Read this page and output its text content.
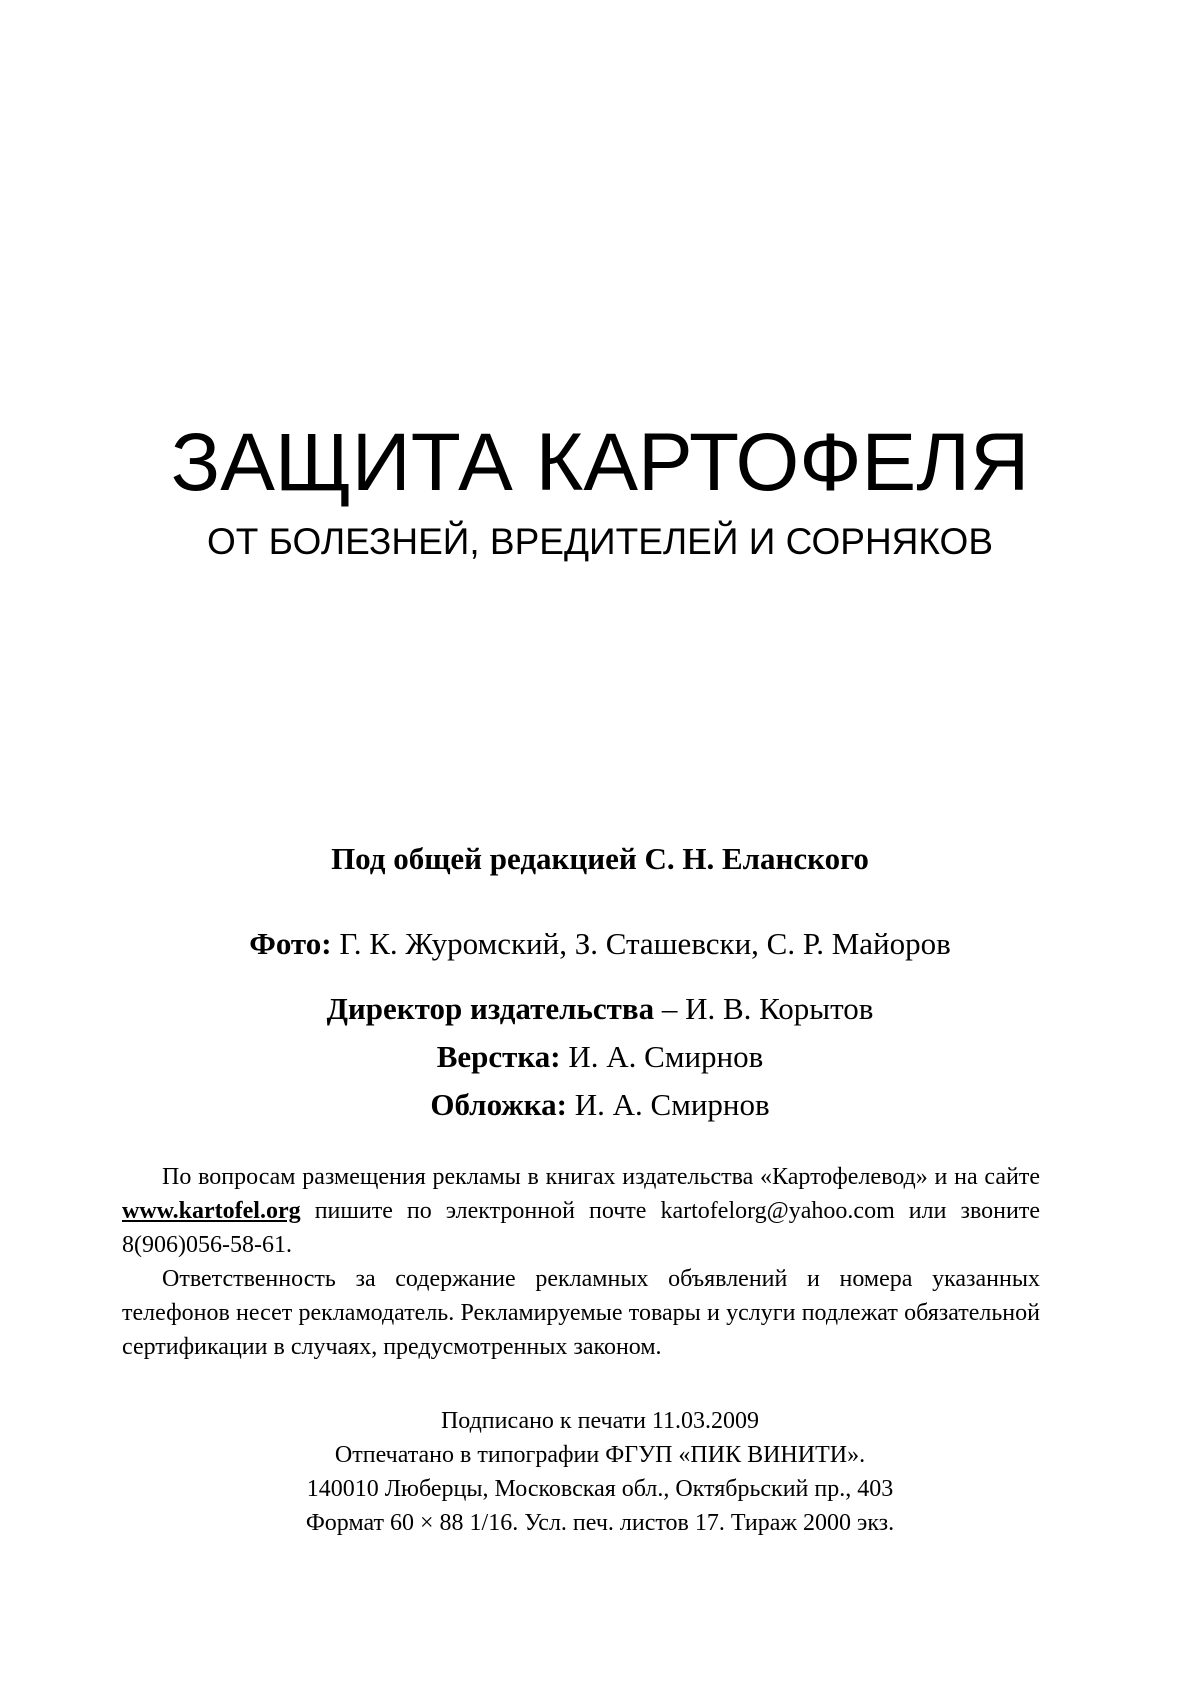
ЗАЩИТА КАРТОФЕЛЯ
ОТ БОЛЕЗНЕЙ, ВРЕДИТЕЛЕЙ И СОРНЯКОВ
Под общей редакцией С. Н. Еланского
Фото: Г. К. Журомский, З. Сташевски, С. Р. Майоров
Директор издательства – И. В. Корытов
Верстка: И. А. Смирнов
Обложка: И. А. Смирнов

По вопросам размещения рекламы в книгах издательства «Картофелевод» и на сайте www.kartofel.org пишите по электронной почте kartofelorg@yahoo.com или звоните 8(906)056-58-61.

Ответственность за содержание рекламных объявлений и номера указанных телефонов несет рекламодатель. Рекламируемые товары и услуги подлежат обязательной сертификации в случаях, предусмотренных законом.

Подписано к печати 11.03.2009
Отпечатано в типографии ФГУП «ПИК ВИНИТИ».
140010 Люберцы, Московская обл., Октябрьский пр., 403
Формат 60 × 88 1/16. Усл. печ. листов 17. Тираж 2000 экз.
